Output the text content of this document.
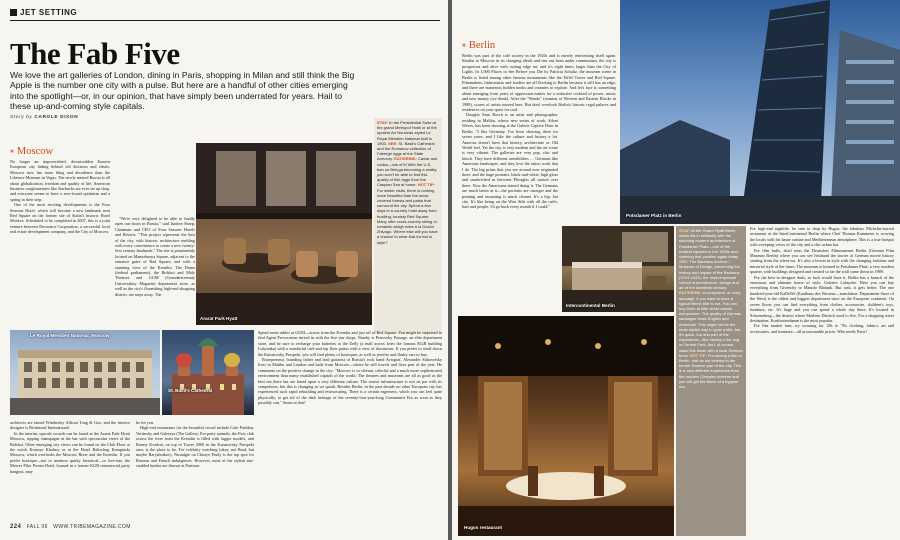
JET SETTING
The Fab Five
We love the art galleries of London, dining in Paris, shopping in Milan and still think the Big Apple is the number one city with a pulse. But here are a handful of other cities emerging into the spotlight—or, in our opinion, that have simply been underrated for years. Hail to these up-and-coming style capitals.
Story by CAROLE DIXON
» Moscow

No longer an impoverished, downtrodden Eastern European city hiding behind old dictators and ideals, Moscow now has more bling and decadence than the Liberace Museum in Vegas. The newly minted Russia is all about globalization, freedom and quality of life. American business conglomerates like Starbucks are ever set up shop, and everyone seems to have a new-found optimism and a spring in their step.

One of the most exciting developments is the Four Seasons Hotel, which will become a new landmark near Red Square on the former site of Stalin's historic Hotel Moskva. Scheduled to be completed in 2007, this is a joint venture between Decorator Corporation, a successful local real estate development company, and the City of Moscow.

"We're very delighted to be able to finally open our doors in Russia," said Isadore Sharp, Chairman and CEO of Four Seasons Hotels and Resorts. "This project represents the best of the city, with historic architecture melding with every convenience to create a new twenty-first century landmark." The site is prominently located on Manezhnaya Square, adjacent to the entrance gates of Red Square, and with a stunning view of the Kremlin. The Duma (federal parliament), the Bolshoi and Maly Theatres and GUM (Gosudarstvenniy Universalniy Magazin) department store, as well as the city's flourishing high-end shopping district, are steps away. The

Ararat Park Hyatt

STAY: In the Presidential Suite at the grand Metropol Hotel or at the opulent Art Nouveau-styled Le Royal Méridien National built in 1903. SEE: St. Basil's Cathedral and the Romanov collection of Fabergé eggs at the State Armoury. EAT/DRINK: Caviar and vodka—lots of it! With the U.S. ban on Beluga becoming a reality, you won't be able to find this quality of fish eggs from the Caspian Sea at home. HOT TIP: For winter visits, there is nothing more beautiful than the snow covered forests and parks that surround the city. Spend a few days in a country hotel away from bustling, touristy Red Square. Many offer cross-country skiing or romantic sleigh rides à la Doctor Zhivago. Where else will you have a chance to wear that fur hat in style?

Le Royal Meridien National, Moscow
St. Basil's Cathedral

architects are famed Wimberley Allison Tong & Goo, and the interior designer is Richmond International.

In the interim, upscale crowds can be found at the Ararat Park Hyatt Moscow, sipping champagne at the bar with spectacular views of the Bolshoi. Other emerging city views can be found on the Club Floor at the swish Krasnye Kholmy or at the Hotel Baltschug Kempinski Moscow, which overlooks the Moscow River and the Kremlin. If you prefer boutique—not to mention quirky historical—to five-star, the Mercer Pilot Pronta Hotel, housed in a former KGB commercial party hangout, may

be for you.

High-end restaurants for the beautiful crowd include Cafe Pushkin, Vertinsky and Galereya (The Gallery; For party animals, the First club across the river from the Kremlin is filled with lagger models, and Kremy Kvadrat, on top of Tower 2000 in the Kutuzovsky Prospekt area, is the place to be. For celebrity watching (okay, not Brad, but maybe Baryshnikov), Nostalgie on Chistye Prudy is the top spot for Russian and French indulgences. However, most of the stylish star-studded bashes are thrown at Parisian.

Spend some rubles at GUM—across from the Kremlin and just off of Red Square. You might be surprised to find Agent Provocateur mixed in with the five star shops. Nearby is Petrovsky Passage, an elite department store, and be sure to recharge your batteries at the Zelly (a mall across from the famous KGB building Lubyanka) with a wonderful café and top floor patios with a view of downtown. If you prefer to stroll down the Kutuzovsky Prospekt, you will find plenty of boutiques, as well as jewelry and flashy cars to buy.

Entrepreneur, founding father and lead guitarist of Russia's rock band Avtograf, Alexander Sitkovetsky lives in Malibu and London and hails from Moscow—where he still travels and lives part of the year. He comments on the positive change in the city: "Moscow is so vibrant, colorful and a much more sophisticated environment than many established capitals of the world. The theatres and museums are all as good as the best out there but are based upon a very different culture. The tourist infrastructure is not on par with its competitors, but this is changing as we speak. Besides Berlin, in the past decade no other European city has experienced such rapid rebuilding and restructuring. There is a certain eagerness, which you can feel quite physically, to get rid of the dark heritage of the seventy-four-year-long Communist Era as soon as they possibly can." Amen to that!

224 FALL 06 WWW.TRIBEMAGAZINE.COM
» Berlin

Berlin was part of the café society in the 1920s and is merely reinventing itself again. Similar to Moscow in its changing ideals and rise out from under communism, the city is prosperous and alive with cutting edge art, and it's eight times larger than the City of Lights. In 1,000 Places to See Before you Die by Patricia Schultz, the museum scene in Berlin is listed among other famous monuments like the Eiffel Tower and Red Square. Filmmakers, fashionistas and foodies are all flocking to Berlin because it still has an edge, and there are numerous hidden nooks and crannies to explore. And let's face it, something about emerging from years of oppression makes for a seductive cocktail of power, music and new money (we think). After the "Wende" (reunion of Western and Eastern Blocks in 1989), scores of artists moved here. But don't overlook Berlin's historic regal palaces and residences on your quest for cool.

Douglas Sean Bosch is an artist and photographer, residing in Malibu, whose new series of work, Silent Waves, has been showing at the Galerie Caprice Horn in Berlin. "I like Germany. I've been showing there for seven years, and I like the culture and history a lot. America doesn't have that history, architecture or Old World feel. Yet the city is very modern and the art scene is very vibrant. The galleries are very pop, chic and kitsch. They have different sensibilities … Germans like American landscapes, and they love the tattoo work that I do. The big prints that you see around now originated there, and the huge portraits, black-and-white, high gloss and sandwiched in between Plexiglas all started over there. Now the Americans started doing it. The Germans are much better at it—the portraits are stronger and the printing and mounting is much cleaner. It's a hip, hot city. It's like being on the West Side with all the cafés, bars and people. I'd go back every month if I could."

Potsdamer Platz in Berlin
Intercontinental Berlin

STAY: At the Grand Hyatt Berlin, which fits in brilliantly with the stunning modern architecture of Potsdamer Platz—one of the busiest squares in the 1920s and claiming that position again today. SEE: The Bauhaus Archive / Museum of Design, preserving the history and impact of the Bauhaus (1919-1933), the most important school of architecture, design and art of the twentieth century. EAT/DRINK: A currywurst, or curry sausage, if you want to have a typical Berlin bite to eat. You can buy them at little street stands everywhere. The quality of German sausages rivals English and American. This might not be the most stylish way to grab a bite, but it's quick, fun and part of the experience—like having a hot dog in Central Park. And, of course, wash this down with a local German brew. HOT TIP: For seeing a film in Berlin, visit an old cinema in the former Eastern part of the city. This is a very different experience than the modern Cineplex screens and you will get the flavor of a bygone era.

Hugos restaurant

For high-end nightlife, be sure to drop by Hugos, the fabulous Michelin-starred restaurant at the InterContinental Berlin where Chef Thomas Kammeier is wowing the locals with his haute cuisine and Mediterranean atmosphere. This is a true hotspot with sweeping views of the city and a chic urban bar.

For film buffs, don't miss the Deutsches Filmmuseum Berlin (German Film Museum Berlin) where you can see firsthand the stories of German movie history starting from the silent era. It's also a lesson in style with the changing fashions and mirrored style of the times. The museum is housed in Potsdamer Platz, a very modern quarter, with buildings designed and created so far the wall came down in 1989.

For the best in designer duds, as luck would have it, Berlin has a branch of the enormous and ultimate house of style, Galeries Lafayette. Here you can buy everything from Givenchy to Manolo Blahnik. But wait, it gets better. The one hundred-year-old KaDeWe (Kaufhaus des Westens—translation: Department Store of the West) is the oldest and biggest department store on the European continent. On seven floors you can find everything from clothes, accessories, children's toys, furniture, etc. It's huge and you can spend a whole day there. It's located in Schoeneberg—the district where Marlene Dietrich used to live. For a shopping street destination, Kurfürstendamm is the most popular.

For flea market fans, try scouring for '20s to '70s clothing, fabrics, art and accessories, and furniture—all at reasonable prices. Who needs Paris?
